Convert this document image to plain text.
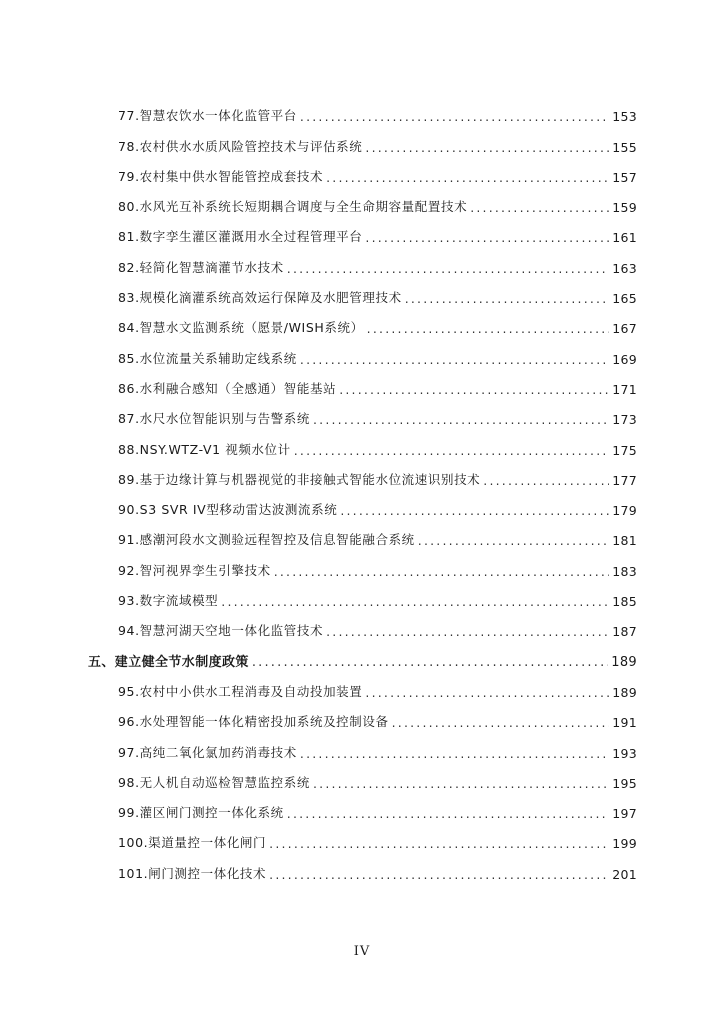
77.智慧农饮水一体化监管平台 .....	153
78.农村供水水质风险管控技术与评估系统 .....	155
79.农村集中供水智能管控成套技术 .....	157
80.水风光互补系统长短期耦合调度与全生命期容量配置技术 .....	159
81.数字孪生灌区灌溉用水全过程管理平台 .....	161
82.轻简化智慧滴灌节水技术 .....	163
83.规模化滴灌系统高效运行保障及水肥管理技术 .....	165
84.智慧水文监测系统（愿景/WISH系统） .....	167
85.水位流量关系辅助定线系统 .....	169
86.水利融合感知（全感通）智能基站 .....	171
87.水尺水位智能识别与告警系统 .....	173
88.NSY.WTZ-V1 视频水位计 .....	175
89.基于边缘计算与机器视觉的非接触式智能水位流速识别技术 .....	177
90.S3 SVR IV型移动雷达波测流系统 .....	179
91.感潮河段水文测验远程智控及信息智能融合系统 .....	181
92.智河视界孪生引擎技术 .....	183
93.数字流域模型 .....	185
94.智慧河湖天空地一体化监管技术 .....	187
五、建立健全节水制度政策 .....	189
95.农村中小供水工程消毒及自动投加装置 .....	189
96.水处理智能一体化精密投加系统及控制设备 .....	191
97.高纯二氧化氯加药消毒技术 .....	193
98.无人机自动巡检智慧监控系统 .....	195
99.灌区闸门测控一体化系统 .....	197
100.渠道量控一体化闸门 .....	199
101.闸门测控一体化技术 .....	201
IV
